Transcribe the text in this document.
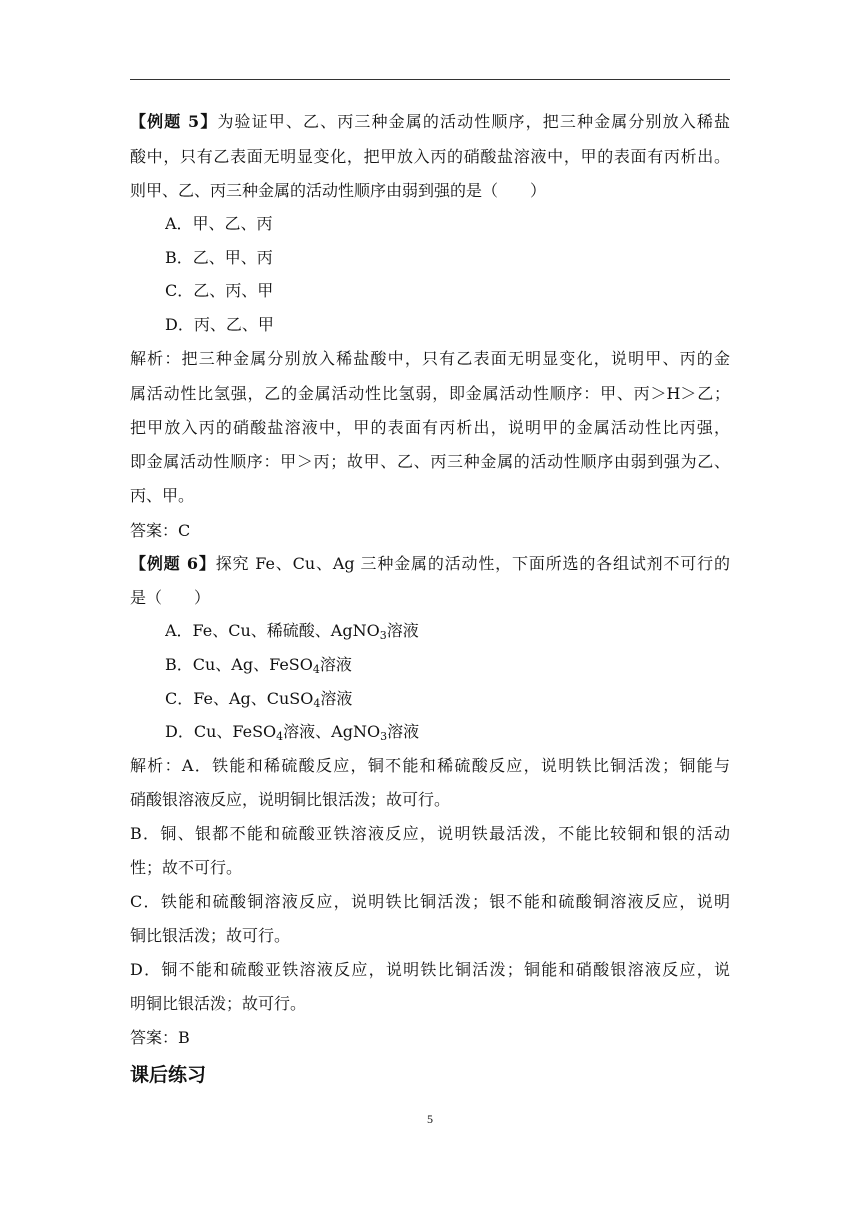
【例题 5】为验证甲、乙、丙三种金属的活动性顺序，把三种金属分别放入稀盐
酸中，只有乙表面无明显变化，把甲放入丙的硝酸盐溶液中，甲的表面有丙析出。
则甲、乙、丙三种金属的活动性顺序由弱到强的是（　　）
A．甲、乙、丙
B．乙、甲、丙
C．乙、丙、甲
D．丙、乙、甲
解析：把三种金属分别放入稀盐酸中，只有乙表面无明显变化，说明甲、丙的金
属活动性比氢强，乙的金属活动性比氢弱，即金属活动性顺序：甲、丙＞H＞乙；
把甲放入丙的硝酸盐溶液中，甲的表面有丙析出，说明甲的金属活动性比丙强，
即金属活动性顺序：甲＞丙；故甲、乙、丙三种金属的活动性顺序由弱到强为乙、
丙、甲。
答案：C
【例题 6】探究 Fe、Cu、Ag 三种金属的活动性，下面所选的各组试剂不可行的
是（　　）
A．Fe、Cu、稀硫酸、AgNO$_3$溶液
B．Cu、Ag、FeSO$_4$溶液
C．Fe、Ag、CuSO$_4$溶液
D．Cu、FeSO$_4$溶液、AgNO$_3$溶液
解析：A．铁能和稀硫酸反应，铜不能和稀硫酸反应，说明铁比铜活泼；铜能与
硝酸银溶液反应，说明铜比银活泼；故可行。
B．铜、银都不能和硫酸亚铁溶液反应，说明铁最活泼，不能比较铜和银的活动
性；故不可行。
C．铁能和硫酸铜溶液反应，说明铁比铜活泼；银不能和硫酸铜溶液反应，说明
铜比银活泼；故可行。
D．铜不能和硫酸亚铁溶液反应，说明铁比铜活泼；铜能和硝酸银溶液反应，说
明铜比银活泼；故可行。
答案：B
课后练习
5
